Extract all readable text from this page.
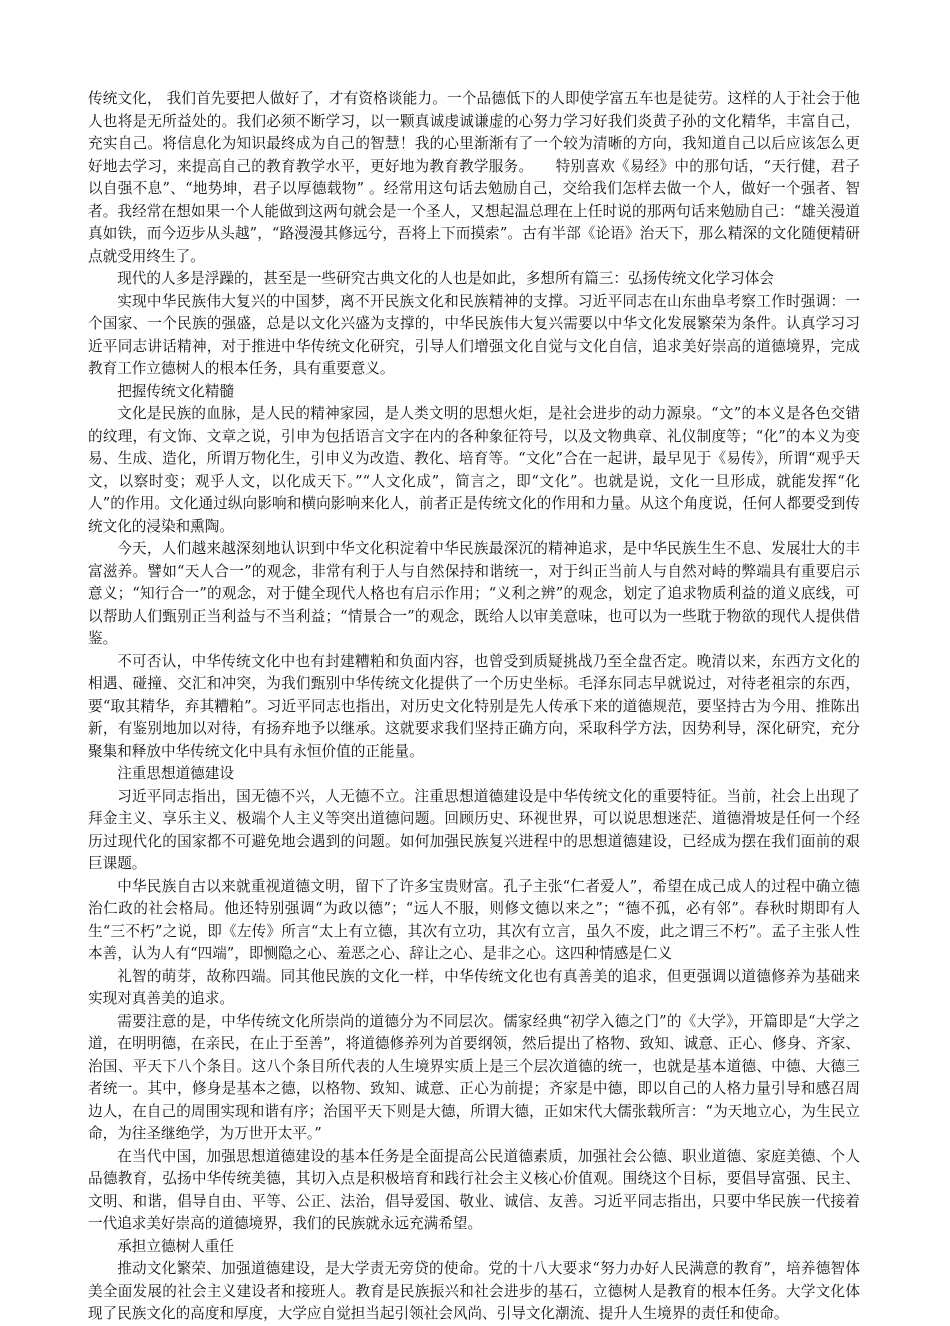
传统文化， 我们首先要把人做好了，才有资格谈能力。一个品德低下的人即使学富五车也是徒劳。这样的人于社会于他人也将是无所益处的。我们必须不断学习，以一颗真诚虔诚谦虚的心努力学习好我们炎黄子孙的文化精华，丰富自己，充实自己。将信息化为知识最终成为自己的智慧！我的心里渐渐有了一个较为清晰的方向，我知道自己以后应该怎么更好地去学习，来提高自己的教育教学水平，更好地为教育教学服务。　　特别喜欢《易经》中的那句话，“天行健，君子以自强不息”、“地势坤，君子以厚德载物” 。经常用这句话去勉励自己，交给我们怎样去做一个人，做好一个强者、智者。我经常在想如果一个人能做到这两句就会是一个圣人，又想起温总理在上任时说的那两句话来勉励自己：“雄关漫道真如铁，而今迈步从头越”，“路漫漫其修远兮，吾将上下而摸索”。古有半部《论语》治天下，那么精深的文化随便精研点就受用终生了。

现代的人多是浮躁的，甚至是一些研究古典文化的人也是如此，多想所有篇三：弘扬传统文化学习体会

实现中华民族伟大复兴的中国梦，离不开民族文化和民族精神的支撑。习近平同志在山东曲阜考察工作时强调：一个国家、一个民族的强盛，总是以文化兴盛为支撑的，中华民族伟大复兴需要以中华文化发展繁荣为条件。认真学习习近平同志讲话精神，对于推进中华传统文化研究，引导人们增强文化自觉与文化自信，追求美好崇高的道德境界，完成教育工作立德树人的根本任务，具有重要意义。

把握传统文化精髓

文化是民族的血脉，是人民的精神家园，是人类文明的思想火炬，是社会进步的动力源泉。“文”的本义是各色交错的纹理，有文饰、文章之说，引申为包括语言文字在内的各种象征符号，以及文物典章、礼仪制度等；“化”的本义为变易、生成、造化，所谓万物化生，引申义为改造、教化、培育等。“文化”合在一起讲，最早见于《易传》，所谓“观乎天文，以察时变；观乎人文，以化成天下。”“人文化成”，简言之，即“文化”。也就是说，文化一旦形成，就能发挥“化人”的作用。文化通过纵向影响和横向影响来化人，前者正是传统文化的作用和力量。从这个角度说，任何人都要受到传统文化的浸染和熏陶。

今天，人们越来越深刻地认识到中华文化积淀着中华民族最深沉的精神追求，是中华民族生生不息、发展壮大的丰富滋养。譬如“天人合一”的观念，非常有利于人与自然保持和谐统一，对于纠正当前人与自然对峙的弊端具有重要启示意义；“知行合一”的观念，对于健全现代人格也有启示作用；“义利之辨”的观念，划定了追求物质利益的道义底线，可以帮助人们甄别正当利益与不当利益；“情景合一”的观念，既给人以审美意味，也可以为一些耽于物欲的现代人提供借鉴。

不可否认，中华传统文化中也有封建糟粕和负面内容，也曾受到质疑挑战乃至全盘否定。晚清以来，东西方文化的相遇、碰撞、交汇和冲突，为我们甄别中华传统文化提供了一个历史坐标。毛泽东同志早就说过，对待老祖宗的东西，要“取其精华，弃其糟粕”。习近平同志也指出，对历史文化特别是先人传承下来的道德规范，要坚持古为今用、推陈出新，有鉴别地加以对待，有扬弃地予以继承。这就要求我们坚持正确方向，采取科学方法，因势利导，深化研究，充分聚集和释放中华传统文化中具有永恒价值的正能量。

注重思想道德建设

习近平同志指出，国无德不兴，人无德不立。注重思想道德建设是中华传统文化的重要特征。当前，社会上出现了拜金主义、享乐主义、极端个人主义等突出道德问题。回顾历史、环视世界，可以说思想迷茫、道德滑坡是任何一个经历过现代化的国家都不可避免地会遇到的问题。如何加强民族复兴进程中的思想道德建设，已经成为摆在我们面前的艰巨课题。

中华民族自古以来就重视道德文明，留下了许多宝贵财富。孔子主张“仁者爱人”，希望在成己成人的过程中确立德治仁政的社会格局。他还特别强调“为政以德”；“远人不服，则修文德以来之”；“德不孤，必有邻”。春秋时期即有人生“三不朽”之说，即《左传》所言“太上有立德，其次有立功，其次有立言，虽久不废，此之谓三不朽”。孟子主张人性本善，认为人有“四端”，即恻隐之心、羞恶之心、辞让之心、是非之心。这四种情感是仁义

礼智的萌芽，故称四端。同其他民族的文化一样，中华传统文化也有真善美的追求，但更强调以道德修养为基础来实现对真善美的追求。

需要注意的是，中华传统文化所崇尚的道德分为不同层次。儒家经典“初学入德之门”的《大学》，开篇即是“大学之道，在明明德，在亲民，在止于至善”，将道德修养列为首要纲领，然后提出了格物、致知、诚意、正心、修身、齐家、治国、平天下八个条目。这八个条目所代表的人生境界实质上是三个层次道德的统一，也就是基本道德、中德、大德三者统一。其中，修身是基本之德，以格物、致知、诚意、正心为前提；齐家是中德，即以自己的人格力量引导和感召周边人，在自己的周围实现和谐有序；治国平天下则是大德，所谓大德，正如宋代大儒张载所言：“为天地立心，为生民立命，为往圣继绝学，为万世开太平。”

在当代中国，加强思想道德建设的基本任务是全面提高公民道德素质，加强社会公德、职业道德、家庭美德、个人品德教育，弘扬中华传统美德，其切入点是积极培育和践行社会主义核心价值观。围绕这个目标，要倡导富强、民主、文明、和谐，倡导自由、平等、公正、法治，倡导爱国、敬业、诚信、友善。习近平同志指出，只要中华民族一代接着一代追求美好崇高的道德境界，我们的民族就永远充满希望。

承担立德树人重任

推动文化繁荣、加强道德建设，是大学责无旁贷的使命。党的十八大要求“努力办好人民满意的教育”，培养德智体美全面发展的社会主义建设者和接班人。教育是民族振兴和社会进步的基石，立德树人是教育的根本任务。大学文化体现了民族文化的高度和厚度，大学应自觉担当起引领社会风尚、引导文化潮流、提升人生境界的责任和使命。
